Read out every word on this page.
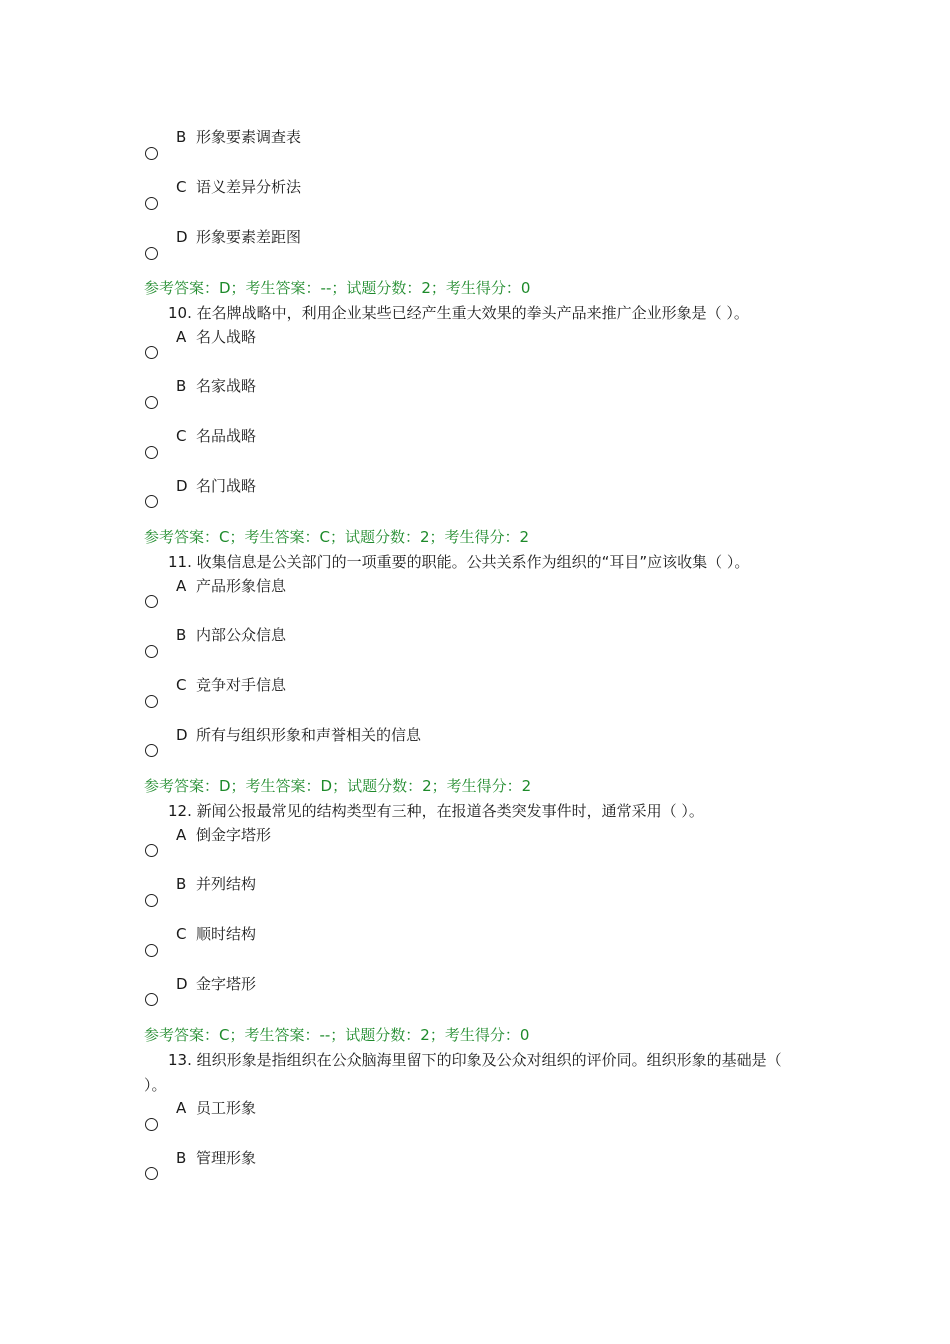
B 形象要素调查表
C 语义差异分析法
D 形象要素差距图
参考答案：D；考生答案：--；试题分数：2；考生得分：0
10. 在名牌战略中，利用企业某些已经产生重大效果的拳头产品来推广企业形象是（ ）。
A 名人战略
B 名家战略
C 名品战略
D 名门战略
参考答案：C；考生答案：C；试题分数：2；考生得分：2
11. 收集信息是公关部门的一项重要的职能。公共关系作为组织的“耳目”应该收集（ ）。
A 产品形象信息
B 内部公众信息
C 竞争对手信息
D 所有与组织形象和声誉相关的信息
参考答案：D；考生答案：D；试题分数：2；考生得分：2
12. 新闻公报最常见的结构类型有三种，在报道各类突发事件时，通常采用（ ）。
A 倒金字塔形
B 并列结构
C 顺时结构
D 金字塔形
参考答案：C；考生答案：--；试题分数：2；考生得分：0
13. 组织形象是指组织在公众脑海里留下的印象及公众对组织的评价同。组织形象的基础是（
）。
A 员工形象
B 管理形象
